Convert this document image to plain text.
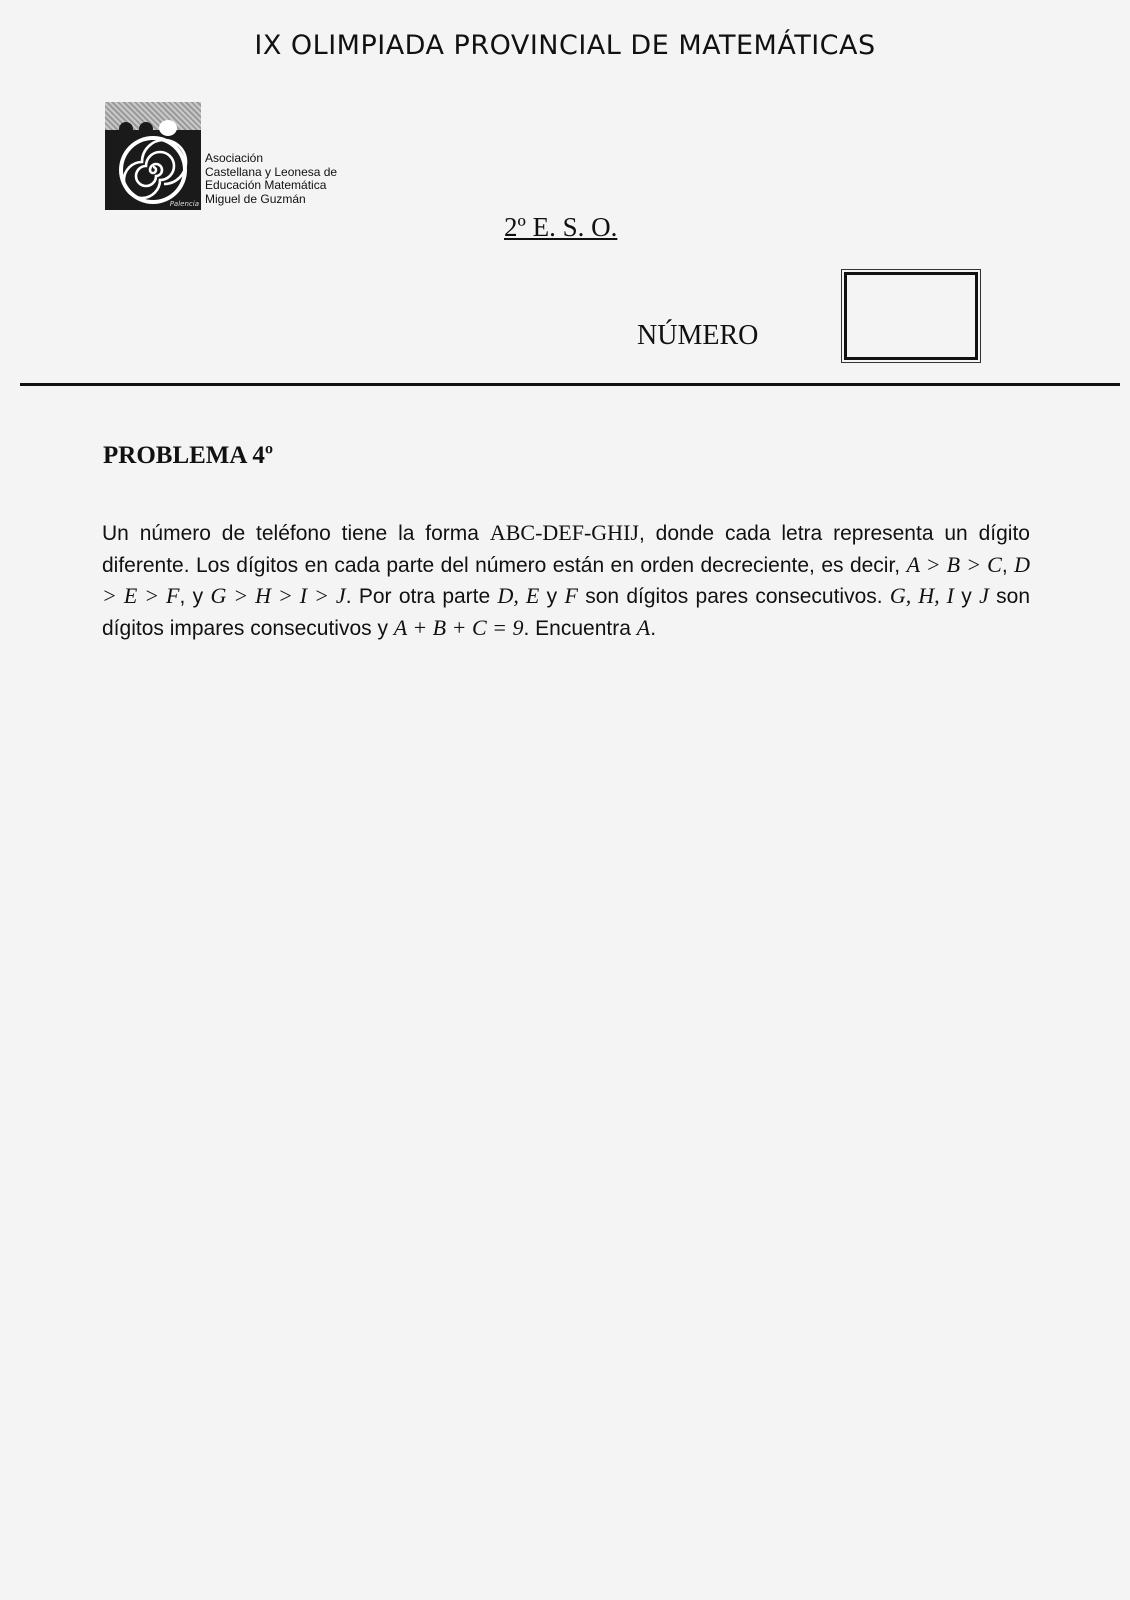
IX OLIMPIADA PROVINCIAL DE MATEMÁTICAS
Palencia
Asociación
Castellana y Leonesa de
Educación Matemática
Miguel de Guzmán
2º E. S. O.
NÚMERO
PROBLEMA 4º

Un número de teléfono tiene la forma ABC-DEF-GHIJ, donde cada letra representa un dígito diferente. Los dígitos en cada parte del número están en orden decreciente, es decir, A > B > C, D > E > F, y G > H > I > J. Por otra parte D, E y F son dígitos pares consecutivos. G, H, I y J son dígitos impares consecutivos y A + B + C = 9. Encuentra A.
